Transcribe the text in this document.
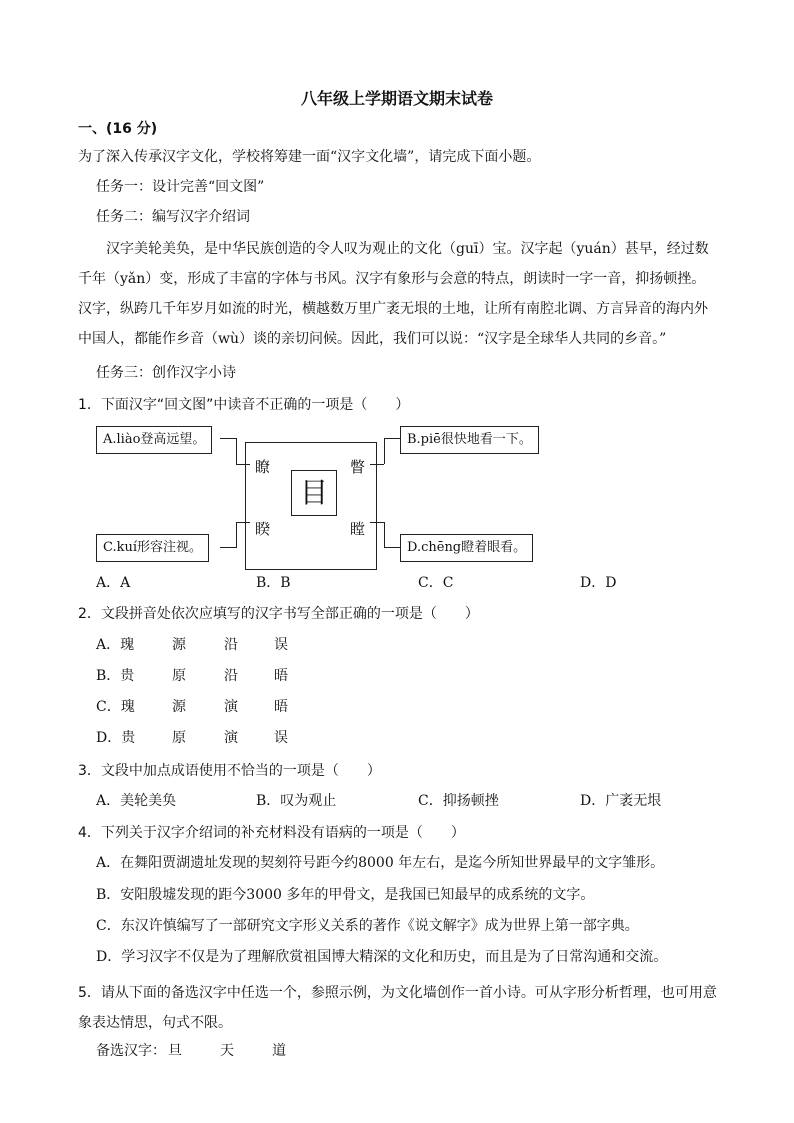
八年级上学期语文期末试卷
一、(16 分)
为了深入传承汉字文化，学校将筹建一面“汉字文化墙”，请完成下面小题。
任务一：设计完善“回文图”
任务二：编写汉字介绍词
汉字美轮美奂，是中华民族创造的令人叹为观止的文化（guī）宝。汉字起（yuán）甚早，经过数千年（yǎn）变，形成了丰富的字体与书风。汉字有象形与会意的特点，朗读时一字一音，抑扬顿挫。汉字，纵跨几千年岁月如流的时光，横越数万里广袤无垠的土地，让所有南腔北调、方言异音的海内外中国人，都能作乡音（wù）谈的亲切问候。因此，我们可以说：“汉字是全球华人共同的乡音。”
任务三：创作汉字小诗
1．下面汉字“回文图”中读音不正确的一项是（　　）
目
瞭	瞥
睽	瞠
A.liào登高远望。	B.piē很快地看一下。
C.kuí形容注视。	D.chēng瞪着眼看。
A．A	B．B	C．C	D．D
2．文段拼音处依次应填写的汉字书写全部正确的一项是（　　）
A．瑰	源	沿	误
B．贵	原	沿	晤
C．瑰	源	演	晤
D．贵	原	演	误
3．文段中加点成语使用不恰当的一项是（　　）
A．美轮美奂	B．叹为观止	C．抑扬顿挫	D．广袤无垠
4．下列关于汉字介绍词的补充材料没有语病的一项是（　　）
A．在舞阳贾湖遗址发现的契刻符号距今约8000 年左右，是迄今所知世界最早的文字雏形。
B．安阳殷墟发现的距今3000 多年的甲骨文，是我国已知最早的成系统的文字。
C．东汉许慎编写了一部研究文字形义关系的著作《说文解字》成为世界上第一部字典。
D．学习汉字不仅是为了理解欣赏祖国博大精深的文化和历史，而且是为了日常沟通和交流。
5．请从下面的备选汉字中任选一个，参照示例，为文化墙创作一首小诗。可从字形分析哲理，也可用意象表达情思，句式不限。
备选汉字： 旦	天	道
